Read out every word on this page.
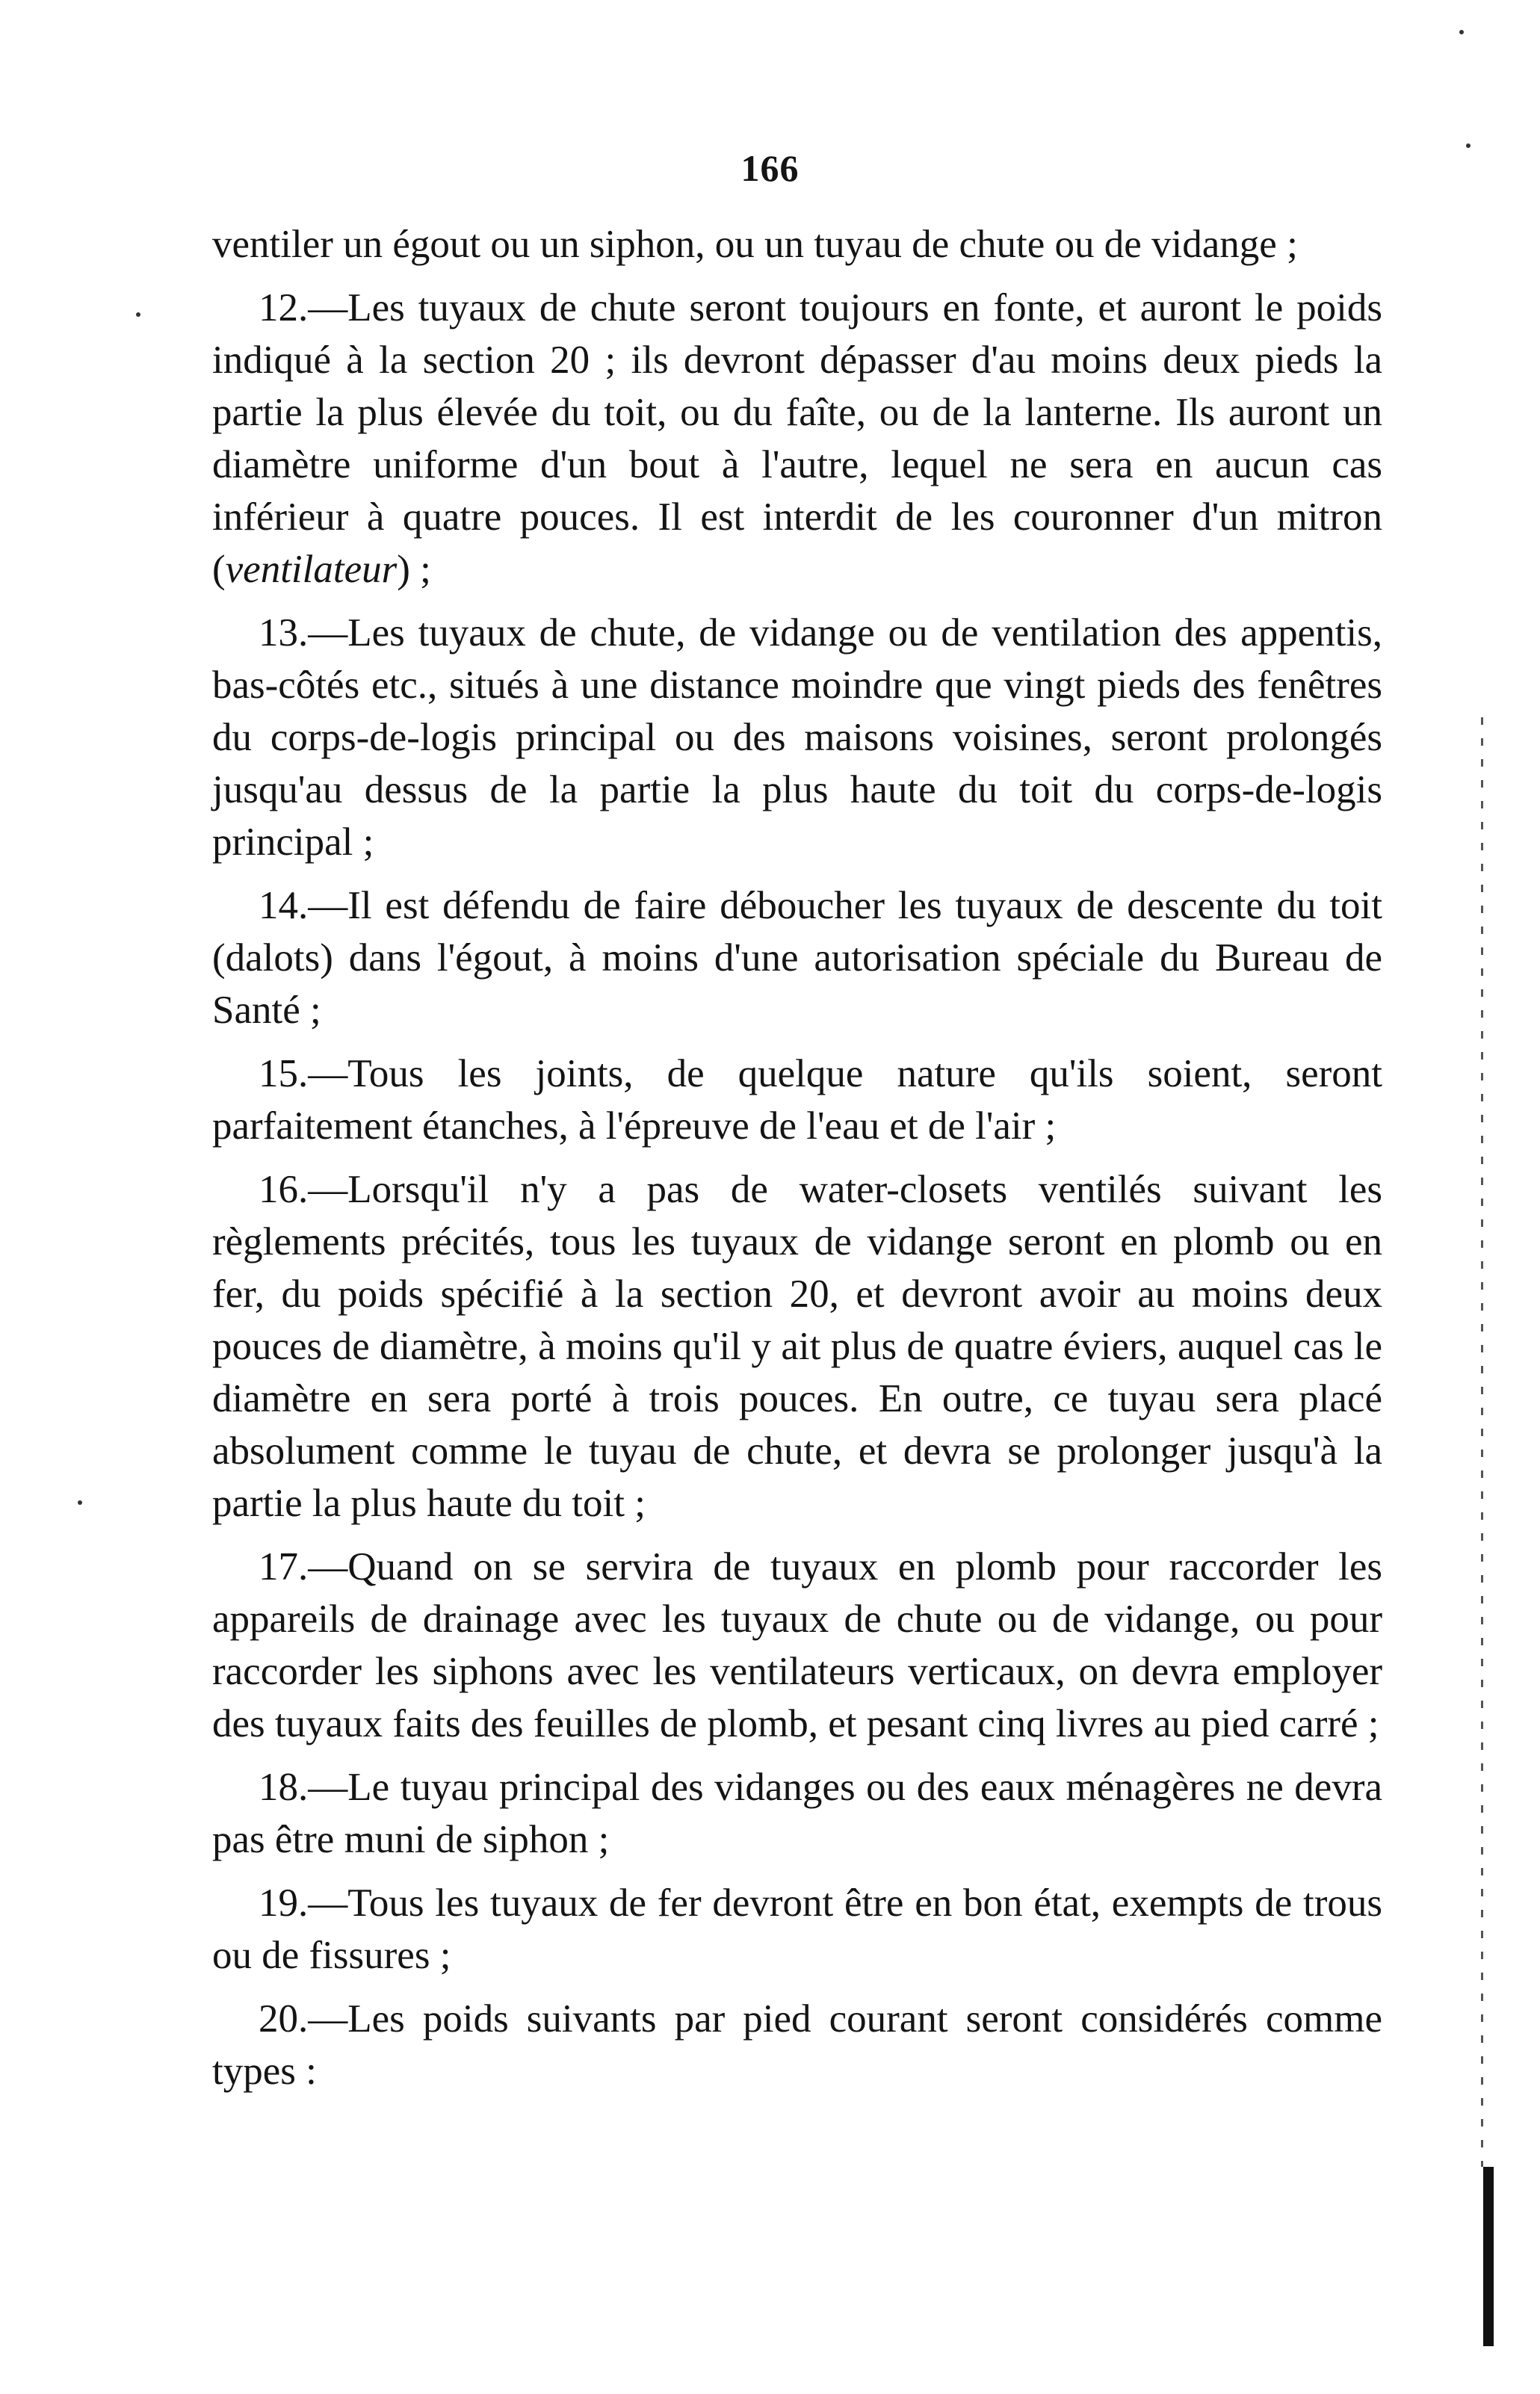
166

ventiler un égout ou un siphon, ou un tuyau de chute ou de vidange ;

12.—Les tuyaux de chute seront toujours en fonte, et auront le poids indiqué à la section 20 ; ils devront dépasser d'au moins deux pieds la partie la plus élevée du toit, ou du faîte, ou de la lanterne. Ils auront un diamètre uniforme d'un bout à l'autre, lequel ne sera en aucun cas inférieur à quatre pouces. Il est interdit de les couronner d'un mitron (ventilateur) ;

13.—Les tuyaux de chute, de vidange ou de ventilation des appentis, bas-côtés etc., situés à une distance moindre que vingt pieds des fenêtres du corps-de-logis principal ou des maisons voisines, seront prolongés jusqu'au dessus de la partie la plus haute du toit du corps-de-logis principal ;

14.—Il est défendu de faire déboucher les tuyaux de descente du toit (dalots) dans l'égout, à moins d'une autorisation spéciale du Bureau de Santé ;

15.—Tous les joints, de quelque nature qu'ils soient, seront parfaitement étanches, à l'épreuve de l'eau et de l'air ;

16.—Lorsqu'il n'y a pas de water-closets ventilés suivant les règlements précités, tous les tuyaux de vidange seront en plomb ou en fer, du poids spécifié à la section 20, et devront avoir au moins deux pouces de diamètre, à moins qu'il y ait plus de quatre éviers, auquel cas le diamètre en sera porté à trois pouces. En outre, ce tuyau sera placé absolument comme le tuyau de chute, et devra se prolonger jusqu'à la partie la plus haute du toit ;

17.—Quand on se servira de tuyaux en plomb pour raccorder les appareils de drainage avec les tuyaux de chute ou de vidange, ou pour raccorder les siphons avec les ventilateurs verticaux, on devra employer des tuyaux faits des feuilles de plomb, et pesant cinq livres au pied carré ;

18.—Le tuyau principal des vidanges ou des eaux ménagères ne devra pas être muni de siphon ;

19.—Tous les tuyaux de fer devront être en bon état, exempts de trous ou de fissures ;

20.—Les poids suivants par pied courant seront considérés comme types :
